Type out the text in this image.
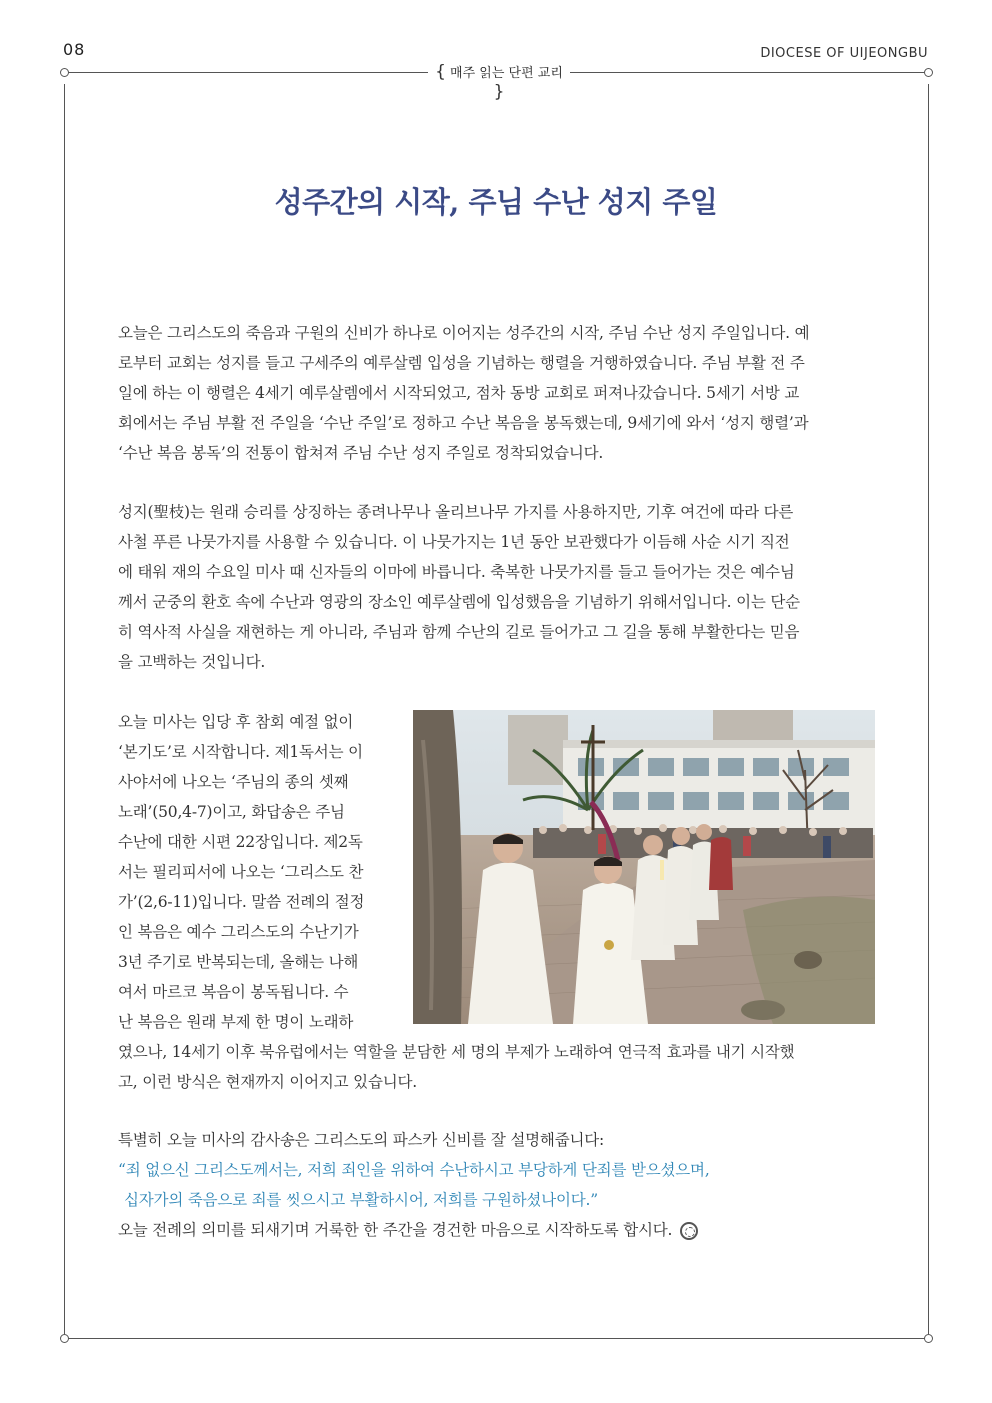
08	DIOCESE OF UIJEONGBU
{ 매주 읽는 단편 교리 }
성주간의 시작, 주님 수난 성지 주일

오늘은 그리스도의 죽음과 구원의 신비가 하나로 이어지는 성주간의 시작, 주님 수난 성지 주일입니다. 예
로부터 교회는 성지를 들고 구세주의 예루살렘 입성을 기념하는 행렬을 거행하였습니다. 주님 부활 전 주
일에 하는 이 행렬은 4세기 예루살렘에서 시작되었고, 점차 동방 교회로 퍼져나갔습니다. 5세기 서방 교
회에서는 주님 부활 전 주일을 ‘수난 주일’로 정하고 수난 복음을 봉독했는데, 9세기에 와서 ‘성지 행렬’과
‘수난 복음 봉독’의 전통이 합쳐져 주님 수난 성지 주일로 정착되었습니다.

성지(聖枝)는 원래 승리를 상징하는 종려나무나 올리브나무 가지를 사용하지만, 기후 여건에 따라 다른
사철 푸른 나뭇가지를 사용할 수 있습니다. 이 나뭇가지는 1년 동안 보관했다가 이듬해 사순 시기 직전
에 태워 재의 수요일 미사 때 신자들의 이마에 바릅니다. 축복한 나뭇가지를 들고 들어가는 것은 예수님
께서 군중의 환호 속에 수난과 영광의 장소인 예루살렘에 입성했음을 기념하기 위해서입니다. 이는 단순
히 역사적 사실을 재현하는 게 아니라, 주님과 함께 수난의 길로 들어가고 그 길을 통해 부활한다는 믿음
을 고백하는 것입니다.

오늘 미사는 입당 후 참회 예절 없이
‘본기도’로 시작합니다. 제1독서는 이
사야서에 나오는 ‘주님의 종의 셋째
노래’(50,4-7)이고, 화답송은 주님
수난에 대한 시편 22장입니다. 제2독
서는 필리피서에 나오는 ‘그리스도 찬
가’(2,6-11)입니다. 말씀 전례의 절정
인 복음은 예수 그리스도의 수난기가
3년 주기로 반복되는데, 올해는 나해
여서 마르코 복음이 봉독됩니다. 수
난 복음은 원래 부제 한 명이 노래하

였으나, 14세기 이후 북유럽에서는 역할을 분담한 세 명의 부제가 노래하여 연극적 효과를 내기 시작했
고, 이런 방식은 현재까지 이어지고 있습니다.

특별히 오늘 미사의 감사송은 그리스도의 파스카 신비를 잘 설명해줍니다:
“죄 없으신 그리스도께서는, 저희 죄인을 위하여 수난하시고 부당하게 단죄를 받으셨으며,
십자가의 죽음으로 죄를 씻으시고 부활하시어, 저희를 구원하셨나이다.”
오늘 전례의 의미를 되새기며 거룩한 한 주간을 경건한 마음으로 시작하도록 합시다.
